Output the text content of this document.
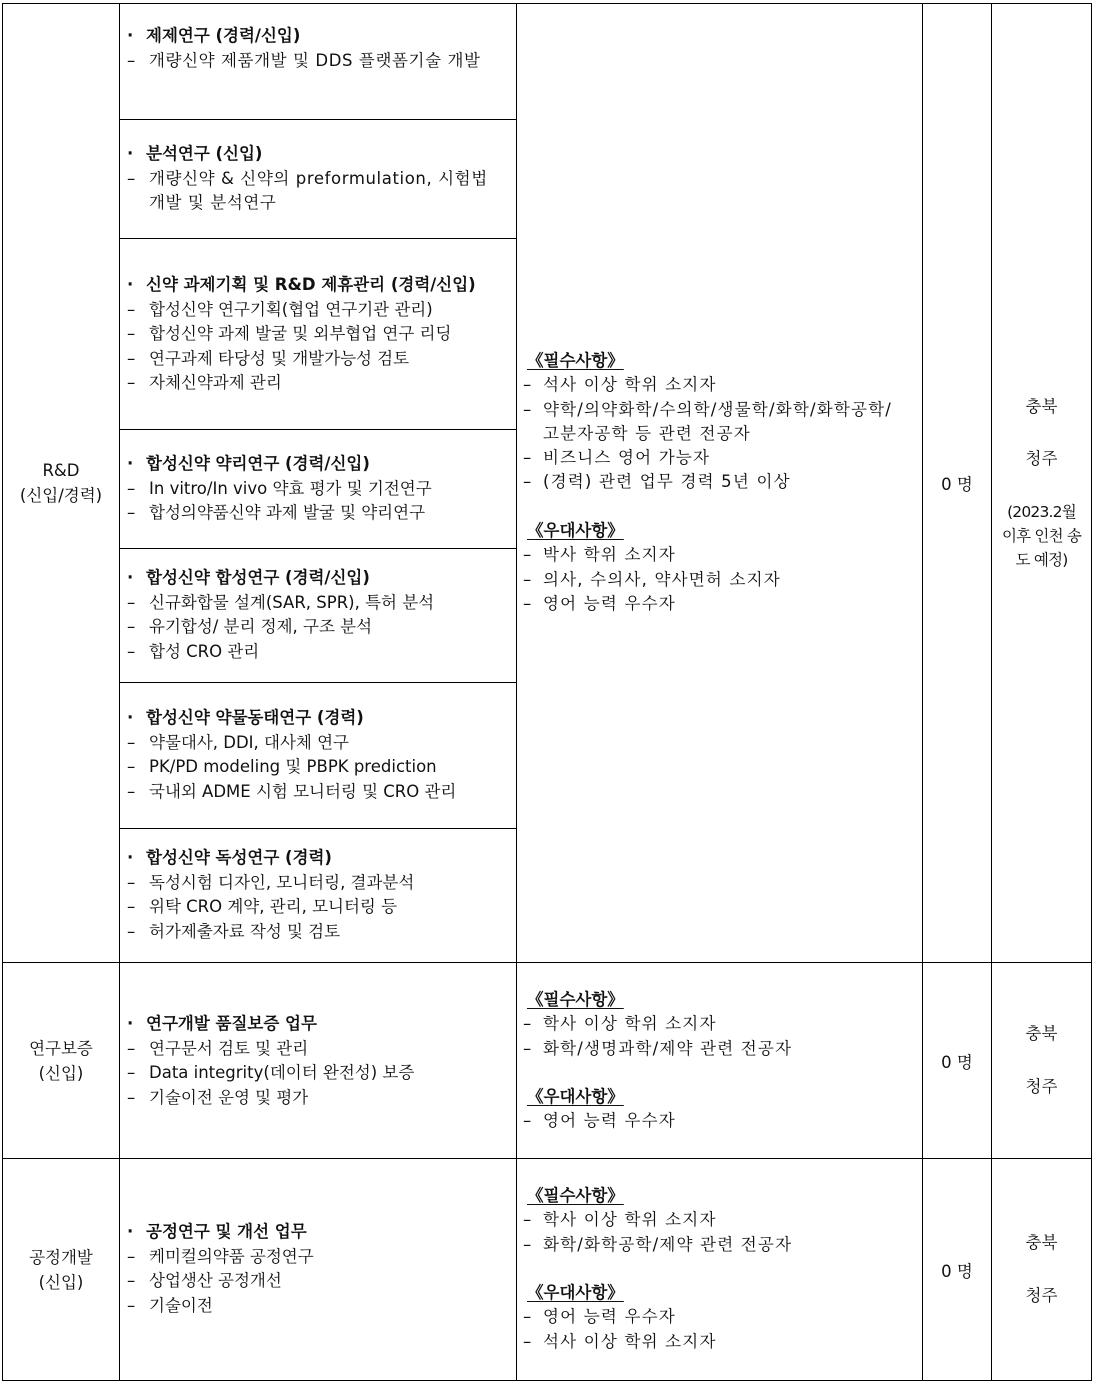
R&D
(신입/경력)
· 제제연구 (경력/신입)
– 개량신약 제품개발 및 DDS 플랫폼기술 개발
· 분석연구 (신입)
– 개량신약 & 신약의 preformulation, 시험법 개발 및 분석연구
· 신약 과제기획 및 R&D 제휴관리 (경력/신입)
– 합성신약 연구기획(협업 연구기관 관리)
– 합성신약 과제 발굴 및 외부협업 연구 리딩
– 연구과제 타당성 및 개발가능성 검토
– 자체신약과제 관리
· 합성신약 약리연구 (경력/신입)
– In vitro/In vivo 약효 평가 및 기전연구
– 합성의약품신약 과제 발굴 및 약리연구
· 합성신약 합성연구 (경력/신입)
– 신규화합물 설계(SAR, SPR), 특허 분석
– 유기합성/ 분리 정제, 구조 분석
– 합성 CRO 관리
· 합성신약 약물동태연구 (경력)
– 약물대사, DDI, 대사체 연구
– PK/PD modeling 및 PBPK prediction
– 국내외 ADME 시험 모니터링 및 CRO 관리
· 합성신약 독성연구 (경력)
– 독성시험 디자인, 모니터링, 결과분석
– 위탁 CRO 계약, 관리, 모니터링 등
– 허가제출자료 작성 및 검토
《필수사항》
– 석사 이상 학위 소지자
– 약학/의약화학/수의학/생물학/화학/화학공학/고분자공학 등 관련 전공자
– 비즈니스 영어 가능자
– (경력) 관련 업무 경력 5년 이상
《우대사항》
– 박사 학위 소지자
– 의사, 수의사, 약사면허 소지자
– 영어 능력 우수자
0 명
충북
청주
(2023.2월 이후 인천 송도 예정)
연구보증
(신입)
· 연구개발 품질보증 업무
– 연구문서 검토 및 관리
– Data integrity(데이터 완전성) 보증
– 기술이전 운영 및 평가
《필수사항》
– 학사 이상 학위 소지자
– 화학/생명과학/제약 관련 전공자
《우대사항》
– 영어 능력 우수자
0 명
충북
청주
공정개발
(신입)
· 공정연구 및 개선 업무
– 케미컬의약품 공정연구
– 상업생산 공정개선
– 기술이전
《필수사항》
– 학사 이상 학위 소지자
– 화학/화학공학/제약 관련 전공자
《우대사항》
– 영어 능력 우수자
– 석사 이상 학위 소지자
0 명
충북
청주
